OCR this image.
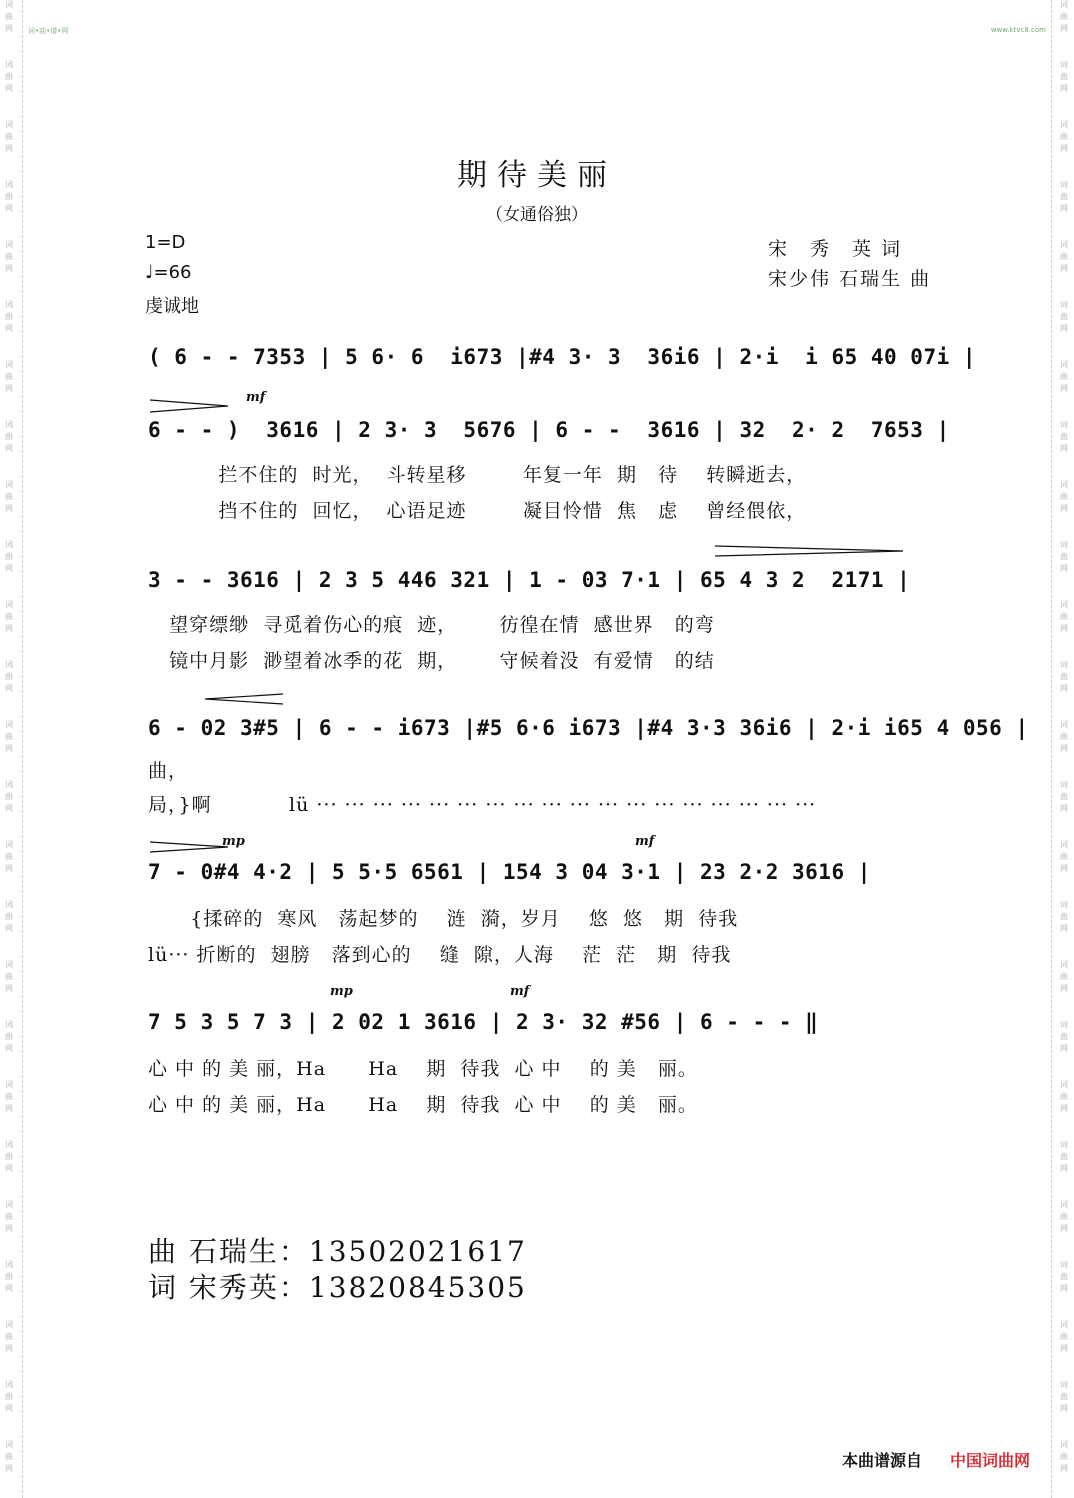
词
曲
网
词
曲
网
词
曲
网
词
曲
网
词
曲
网
词
曲
网
词
曲
网
词
曲
网
词
曲
网
词
曲
网
词
曲
网
词
曲
网
词
曲
网
词
曲
网
词
曲
网
词
曲
网
词
曲
网
词
曲
网
词
曲
网
词
曲
网
词
曲
网
词
曲
网
词
曲
网
词
曲
网
词
曲
网
词
曲
网
词
曲
网
词
曲
网
词
曲
网
词
曲
网
词
曲
网
词
曲
网
词
曲
网
词
曲
网
词
曲
网
词
曲
网
词
曲
网
词
曲
网
词
曲
网
词
曲
网
词
曲
网
词
曲
网
词
曲
网
词
曲
网
词
曲
网
词
曲
网
词
曲
网
词
曲
网
词
曲
网
词
曲
网
词•曲•谱•网	www.ktvc8.com
期待美丽
（女通俗独）
1=D
♩=66
虔诚地
宋　秀　英 词
宋少伟 石瑞生 曲
( 6 - - 7353 | 5 6· 6  i673 |#4 3· 3  36i6 | 2·i  i 65 40 07i |
mf
6 - - )  3616 | 2 3· 3  5676 | 6 - -  3616 | 32  2· 2  7653 |
拦不住的  时光，  斗转星移        年复一年  期   待    转瞬逝去，
挡不住的  回忆，  心语足迹        凝目怜惜  焦   虑    曾经偎依，
3 - - 3616 | 2 3 5 446 321 | 1 - 03 7·1 | 65 4 3 2  2171 |
望穿缥缈  寻觅着伤心的痕  迹，      彷徨在情  感世界   的弯
镜中月影  渺望着冰季的花  期，      守候着没  有爱情   的结
6 - 02 3#5 | 6 - - i673 |#5 6·6 i673 |#4 3·3 36i6 | 2·i i65 4 056 |
曲，
局，}啊           lü ··· ··· ··· ··· ··· ··· ··· ··· ··· ··· ··· ··· ··· ··· ··· ··· ··· ···
mp	mf
7 - 0#4 4·2 | 5 5·5 6561 | 154 3 04 3·1 | 23 2·2 3616 |
{揉碎的  寒风   荡起梦的    涟  漪，岁月    悠  悠   期  待我
lü··· 折断的  翅膀   落到心的    缝  隙，人海    茫  茫   期  待我
mp	mf
7 5 3 5 7 3 | 2 02 1 3616 | 2 3· 32 #56 | 6 - - - ‖
心 中 的 美 丽，Ha      Ha    期  待我  心 中    的 美   丽。
心 中 的 美 丽，Ha      Ha    期  待我  心 中    的 美   丽。
曲 石瑞生：13502021617
词 宋秀英：13820845305
本曲谱源自 中国词曲网
